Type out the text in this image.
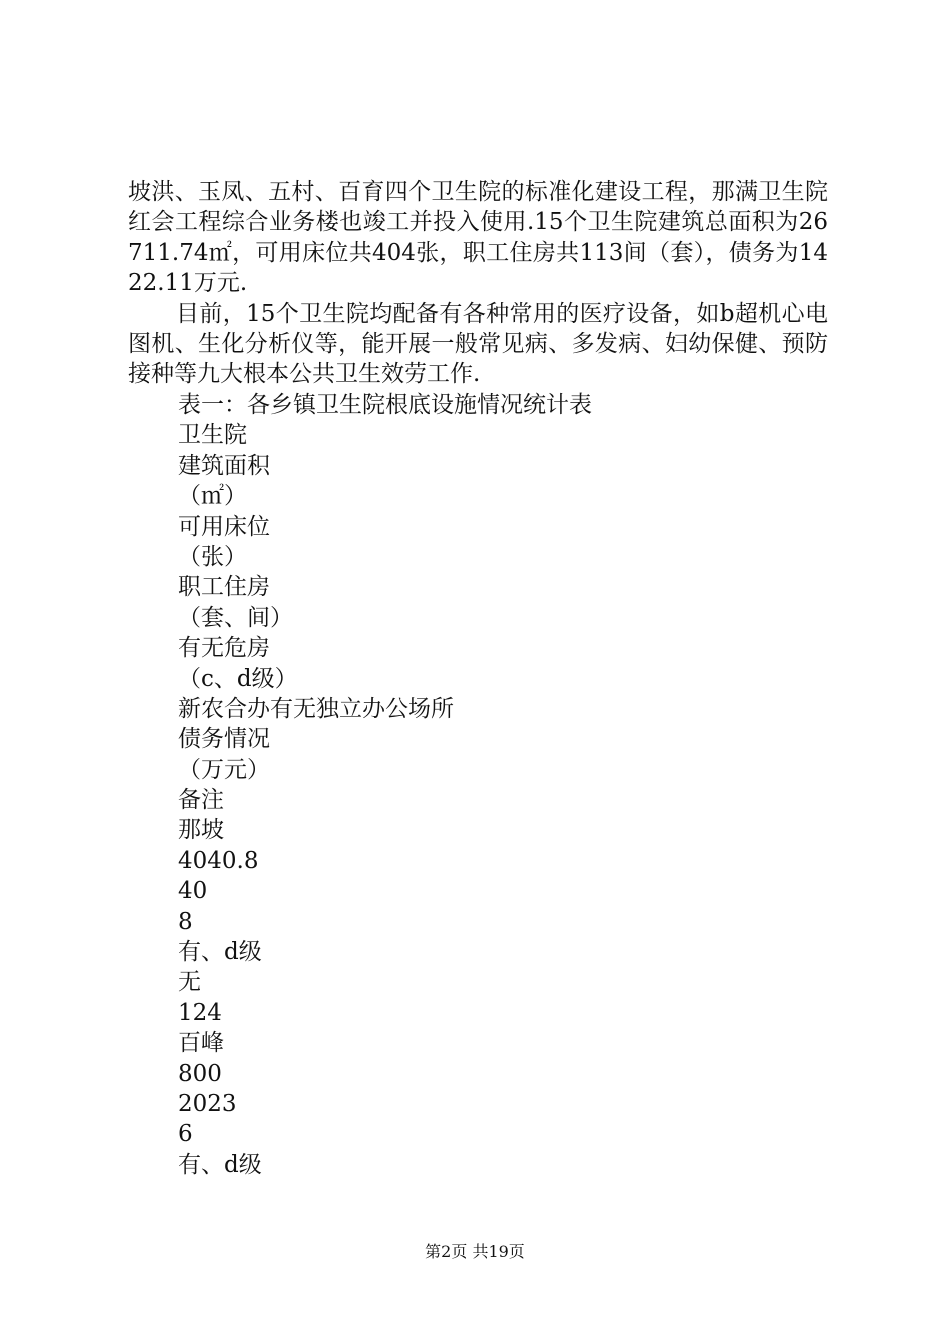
坡洪、玉凤、五村、百育四个卫生院的标准化建设工程，那满卫生院红会工程综合业务楼也竣工并投入使用.15个卫生院建筑总面积为26711.74㎡，可用床位共404张，职工住房共113间（套），债务为1422.11万元.

目前，15个卫生院均配备有各种常用的医疗设备，如b超机心电图机、生化分析仪等，能开展一般常见病、多发病、妇幼保健、预防接种等九大根本公共卫生效劳工作.

表一：各乡镇卫生院根底设施情况统计表
卫生院
建筑面积
（㎡）
可用床位
（张）
职工住房
（套、间）
有无危房
（c、d级）
新农合办有无独立办公场所
债务情况
（万元）
备注
那坡
4040.8
40
8
有、d级
无
124
百峰
800
2023
6
有、d级
第2页 共19页
